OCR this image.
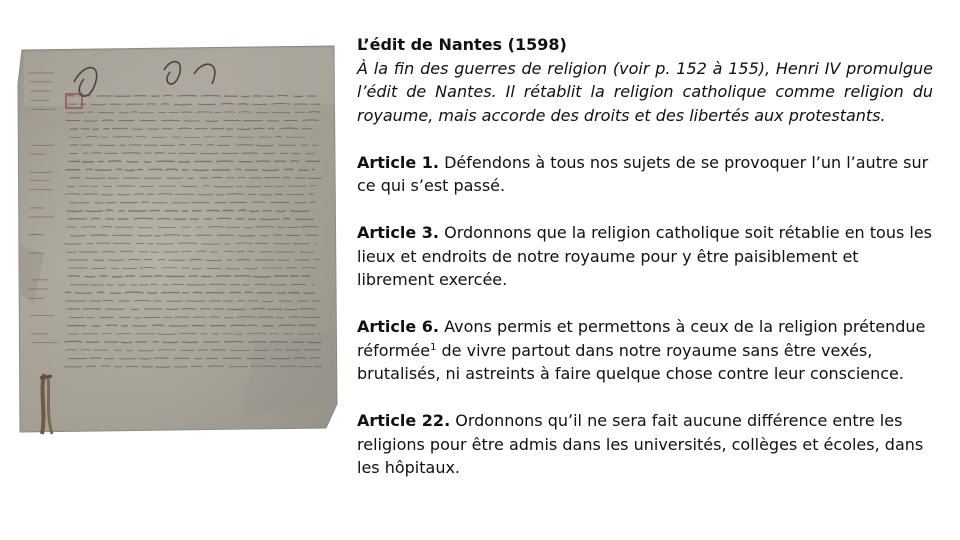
L’édit de Nantes (1598)

À la fin des guerres de religion (voir p. 152 à 155), Henri IV promulgue l’édit de Nantes. Il rétablit la religion catholique comme religion du royaume, mais accorde des droits et des libertés aux protestants.

Article 1. Défendons à tous nos sujets de se provoquer l’un l’autre sur ce qui s’est passé.

Article 3. Ordonnons que la religion catholique soit rétablie en tous les lieux et endroits de notre royaume pour y être paisiblement et librement exercée.

Article 6. Avons permis et permettons à ceux de la religion prétendue réformée$^1$ de vivre partout dans notre royaume sans être vexés, brutalisés, ni astreints à faire quelque chose contre leur conscience.

Article 22. Ordonnons qu’il ne sera fait aucune différence entre les religions pour être admis dans les universités, collèges et écoles, dans les hôpitaux.
